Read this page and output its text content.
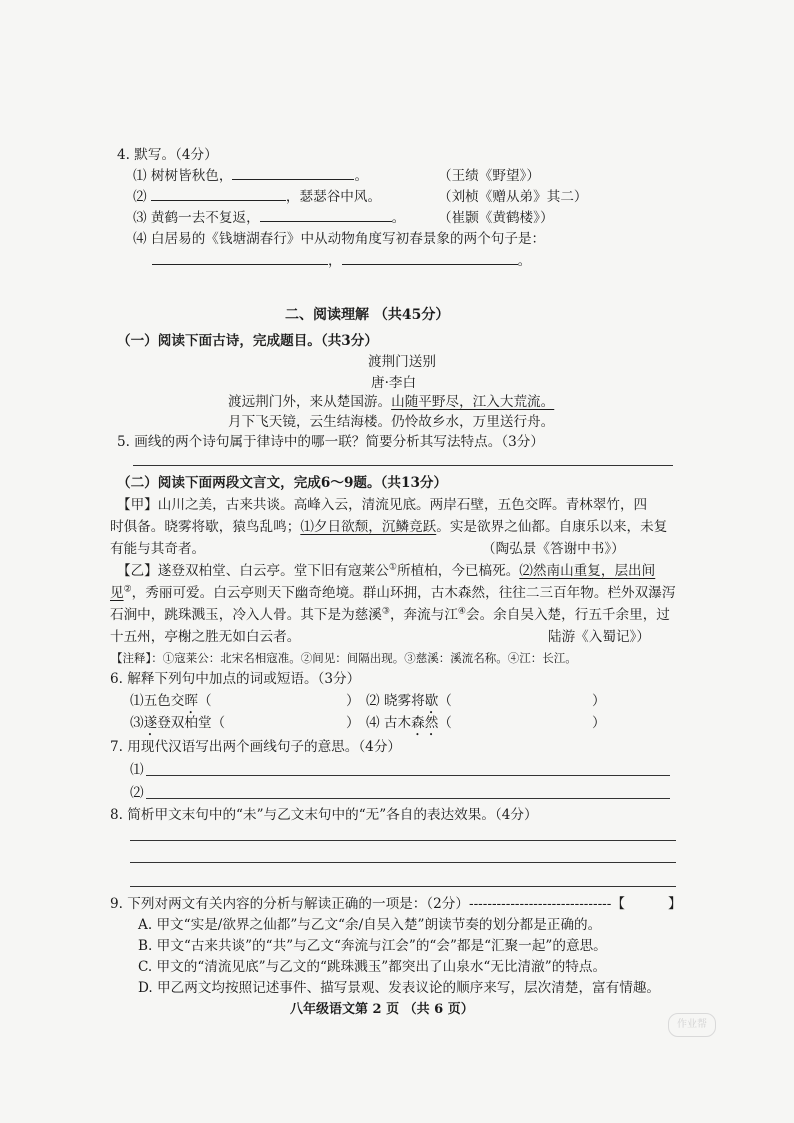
4. 默写。（4分）
⑴ 树树皆秋色，	。	（王绩《野望》）
⑵	，瑟瑟谷中风。	（刘桢《赠从弟》其二）
⑶ 黄鹤一去不复返，	。 （崔颢《黄鹤楼》）
⑷ 白居易的《钱塘湖春行》中从动物角度写初春景象的两个句子是：
，	。
二、阅读理解 （共45分）
（一）阅读下面古诗，完成题目。（共3分）
渡荆门送别
唐·李白
渡远荆门外，来从楚国游。山随平野尽，江入大荒流。
月下飞天镜，云生结海楼。仍怜故乡水，万里送行舟。
5. 画线的两个诗句属于律诗中的哪一联？简要分析其写法特点。（3分）
（二）阅读下面两段文言文，完成6～9题。（共13分）
【甲】山川之美，古来共谈。高峰入云，清流见底。两岸石壁，五色交晖。青林翠竹，四
时俱备。晓雾将歇，猿鸟乱鸣；⑴夕日欲颓，沉鳞竞跃。实是欲界之仙都。自康乐以来，未复
有能与其奇者。	（陶弘景《答谢中书》）
【乙】遂登双柏堂、白云亭。堂下旧有寇莱公①所植柏，今已槁死。⑵然南山重复，层出间
见②，秀丽可爱。白云亭则天下幽奇绝境。群山环拥，古木森然，往往二三百年物。栏外双瀑泻
石涧中，跳珠溅玉，冷入人骨。其下是为慈溪③，奔流与江④会。余自吴入楚，行五千余里，过
十五州，亭榭之胜无如白云者。	陆游《入蜀记》）
【注释】：①寇莱公：北宋名相寇准。②间见：间隔出现。③慈溪：溪流名称。④江：长江。
6. 解释下列句中加点的词或短语。（3分）
⑴五色交晖（	） ⑵ 晓雾将歇（	）
⑶遂登双柏堂（	） ⑷ 古木森然（	）
7. 用现代汉语写出两个画线句子的意思。（4分）
⑴
⑵
8. 简析甲文末句中的“未”与乙文末句中的“无”各自的表达效果。（4分）
9. 下列对两文有关内容的分析与解读正确的一项是：（2分）-------------------------------【	】
A. 甲文“实是/欲界之仙都”与乙文“余/自吴入楚”朗读节奏的划分都是正确的。
B. 甲文“古来共谈”的“共”与乙文“奔流与江会”的“会”都是“汇聚一起”的意思。
C. 甲文的“清流见底”与乙文的“跳珠溅玉”都突出了山泉水“无比清澈”的特点。
D. 甲乙两文均按照记述事件、描写景观、发表议论的顺序来写，层次清楚，富有情趣。
八年级语文第 2 页 （共 6 页）
作业帮
